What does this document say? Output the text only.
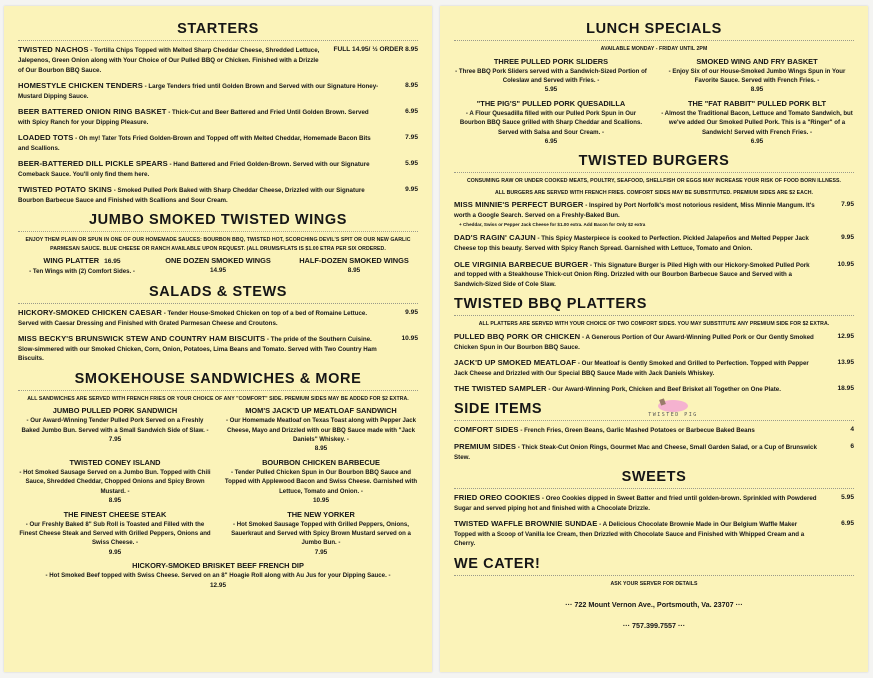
STARTERS
TWISTED NACHOS - Tortilla Chips Topped with Melted Sharp Cheddar Cheese, Shredded Lettuce, Jalepenos, Green Onion along with Your Choice of Our Pulled BBQ or Chicken. Finished with a Drizzle of Our Bourbon BBQ Sauce.
FULL 14.95/ ½ ORDER 8.95
HOMESTYLE CHICKEN TENDERS - Large Tenders fried until Golden Brown and Served with our Signature Honey-Mustard Dipping Sauce.
8.95
BEER BATTERED ONION RING BASKET - Thick-Cut and Beer Battered and Fried Until Golden Brown. Served with Spicy Ranch for your Dipping Pleasure.
6.95
LOADED TOTS - Oh my! Tater Tots Fried Golden-Brown and Topped off with Melted Cheddar, Homemade Bacon Bits and Scallions.
7.95
BEER-BATTERED DILL PICKLE SPEARS - Hand Battered and Fried Golden-Brown. Served with our Signature Comeback Sauce. You'll only find them here.
5.95
TWISTED POTATO SKINS - Smoked Pulled Pork Baked with Sharp Cheddar Cheese, Drizzled with our Signature Bourbon Barbecue Sauce and Finished with Scallions and Sour Cream.
9.95
JUMBO SMOKED TWISTED WINGS
ENJOY THEM PLAIN OR SPUN IN ONE OF OUR HOMEMADE SAUCES: BOURBON BBQ, TWISTED HOT, SCORCHING DEVIL'S SPIT OR OUR NEW GARLIC PARMESAN SAUCE. BLUE CHEESE OR RANCH AVAILABLE UPON REQUEST. (ALL DRUMS/FLATS IS $1.00 ETRA PER SIX ORDERED.
WING PLATTER 16.95
- Ten Wings with (2) Comfort Sides. -
ONE DOZEN SMOKED WINGS
14.95
HALF-DOZEN SMOKED WINGS
8.95
SALADS & STEWS
HICKORY-SMOKED CHICKEN CAESAR - Tender House-Smoked Chicken on top of a bed of Romaine Lettuce. Served with Caesar Dressing and Finished with Grated Parmesan Cheese and Croutons.
9.95
MISS BECKY'S BRUNSWICK STEW AND COUNTRY HAM BISCUITS - The pride of the Southern Cuisine. Slow-simmered with our Smoked Chicken, Corn, Onion, Potatoes, Lima Beans and Tomato. Served with Two Country Ham Biscuits.
10.95
SMOKEHOUSE SANDWICHES & MORE
ALL SANDWICHES ARE SERVED WITH FRENCH FRIES OR YOUR CHOICE OF ANY "COMFORT" SIDE. PREMIUM SIDES MAY BE ADDED FOR $2 EXTRA.
JUMBO PULLED PORK SANDWICH
- Our Award-Winning Tender Pulled Pork Served on a Freshly Baked Jumbo Bun. Served with a Small Sandwich Side of Slaw. -
7.95
MOM'S JACK'D UP MEATLOAF SANDWICH
- Our Homemade Meatloaf on Texas Toast along with Pepper Jack Cheese, Mayo and Drizzled with our BBQ Sauce made with "Jack Daniels" Whiskey. -
8.95
TWISTED CONEY ISLAND
- Hot Smoked Sausage Served on a Jumbo Bun. Topped with Chili Sauce, Shredded Cheddar, Chopped Onions and Spicy Brown Mustard. -
8.95
BOURBON CHICKEN BARBECUE
- Tender Pulled Chicken Spun in Our Bourbon BBQ Sauce and Topped with Applewood Bacon and Swiss Cheese. Garnished with Lettuce, Tomato and Onion. -
10.95
THE FINEST CHEESE STEAK
- Our Freshly Baked 8" Sub Roll is Toasted and Filled with the Finest Cheese Steak and Served with Grilled Peppers, Onions and Swiss Cheese. -
9.95
THE NEW YORKER
- Hot Smoked Sausage Topped with Grilled Peppers, Onions, Sauerkraut and Served with Spicy Brown Mustard served on a Jumbo Bun. -
7.95
HICKORY-SMOKED BRISKET BEEF FRENCH DIP
- Hot Smoked Beef topped with Swiss Cheese. Served on an 8" Hoagie Roll along with Au Jus for your Dipping Sauce. -
12.95
LUNCH SPECIALS
AVAILABLE MONDAY - FRIDAY UNTIL 2PM
THREE PULLED PORK SLIDERS
- Three BBQ Pork Sliders served with a Sandwich-Sized Portion of Coleslaw and Served with Fries. -
5.95
SMOKED WING AND FRY BASKET
- Enjoy Six of our House-Smoked Jumbo Wings Spun in Your Favorite Sauce. Served with French Fries. -
8.95
"THE PIG'S" PULLED PORK QUESADILLA
- A Flour Quesadilla filled with our Pulled Pork Spun in Our Bourbon BBQ Sauce grilled with Sharp Cheddar and Scallions. Served with Salsa and Sour Cream. -
6.95
THE "FAT RABBIT" PULLED PORK BLT
- Almost the Traditional Bacon, Lettuce and Tomato Sandwich, but we've added Our Smoked Pulled Pork. This is a "Ringer" of a Sandwich! Served with French Fries. -
6.95
TWISTED BURGERS
CONSUMING RAW OR UNDER COOKED MEATS, POULTRY, SEAFOOD, SHELLFISH OR EGGS MAY INCREASE YOUR RISK OF FOOD BORN ILLNESS.
ALL BURGERS ARE SERVED WITH FRENCH FRIES. COMFORT SIDES MAY BE SUBSTITUTED. PREMIUM SIDES ARE $2 EACH.
MISS MINNIE'S PERFECT BURGER - Inspired by Port Norfolk's most notorious resident, Miss Minnie Mangum. It's worth a Google Search. Served on a Freshly-Baked Bun.
+ Cheddar, Swiss or Pepper Jack Cheese for $1.00 extra. Add Bacon for Only $2 extra
7.95
DAD'S RAGIN' CAJUN - This Spicy Masterpiece is cooked to Perfection. Pickled Jalapeños and Melted Pepper Jack Cheese top this beauty. Served with Spicy Ranch Spread. Garnished with Lettuce, Tomato and Onion.
9.95
OLE VIRGINIA BARBECUE BURGER - This Signature Burger is Piled High with our Hickory-Smoked Pulled Pork and topped with a Steakhouse Thick-cut Onion Ring. Drizzled with our Bourbon Barbecue Sauce and Served with a Sandwich-Sized Side of Cole Slaw.
10.95
TWISTED BBQ PLATTERS
ALL PLATTERS ARE SERVED WITH YOUR CHOICE OF TWO COMFORT SIDES. YOU MAY SUBSTITUTE ANY PREMIUM SIDE FOR $2 EXTRA.
PULLED BBQ PORK OR CHICKEN - A Generous Portion of Our Award-Winning Pulled Pork or Our Gently Smoked Chicken Spun in Our Bourbon BBQ Sauce.
12.95
JACK'D UP SMOKED MEATLOAF - Our Meatloaf is Gently Smoked and Grilled to Perfection. Topped with Pepper Jack Cheese and Drizzled with Our Special BBQ Sauce Made with Jack Daniels Whiskey.
13.95
THE TWISTED SAMPLER - Our Award-Winning Pork, Chicken and Beef Brisket all Together on One Plate.	18.95
SIDE ITEMS	TWISTED PIG
COMFORT SIDES - French Fries, Green Beans, Garlic Mashed Potatoes or Barbecue Baked Beans	4
PREMIUM SIDES - Thick Steak-Cut Onion Rings, Gourmet Mac and Cheese, Small Garden Salad, or a Cup of Brunswick Stew.
6
SWEETS
FRIED OREO COOKIES - Oreo Cookies dipped in Sweet Batter and fried until golden-brown. Sprinkled with Powdered Sugar and served piping hot and finished with a Chocolate Drizzle.
5.95
TWISTED WAFFLE BROWNIE SUNDAE - A Delicious Chocolate Brownie Made in Our Belgium Waffle Maker Topped with a Scoop of Vanilla Ice Cream, then Drizzled with Chocolate Sauce and Finished with Whipped Cream and a Cherry.
6.95
WE CATER!
ASK YOUR SERVER FOR DETAILS
··· 722 Mount Vernon Ave., Portsmouth, Va. 23707 ···
··· 757.399.7557 ···
